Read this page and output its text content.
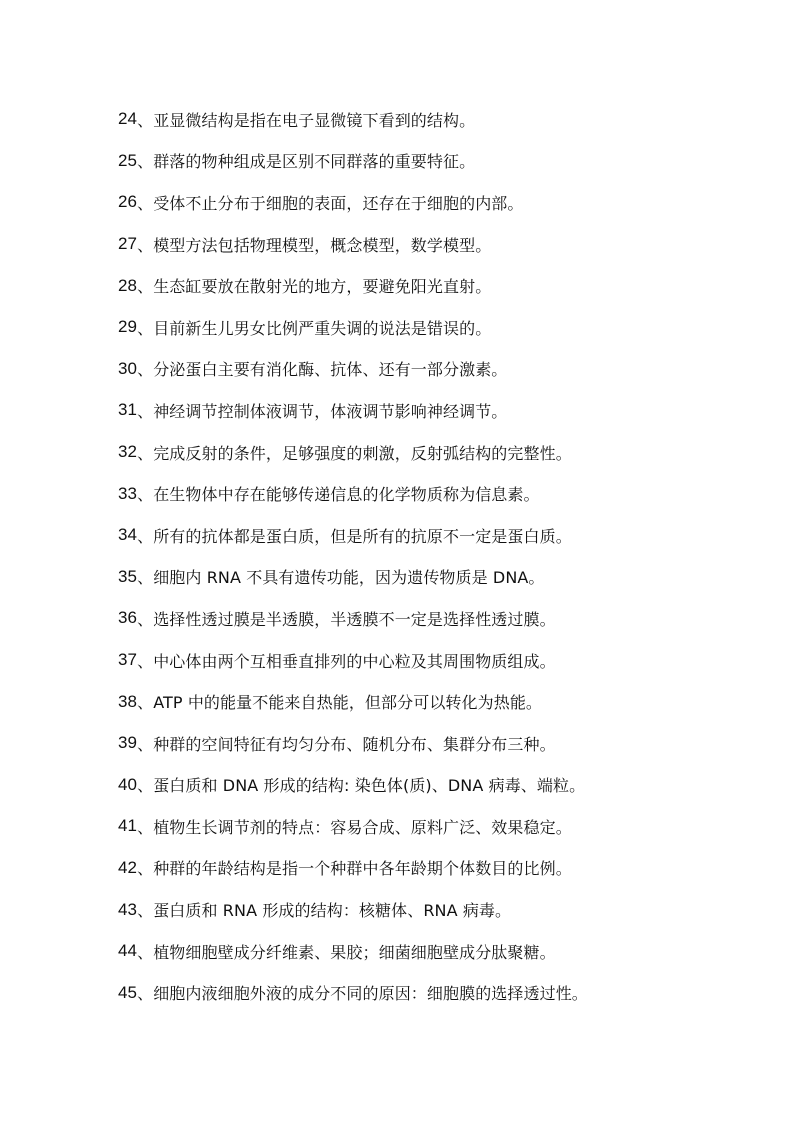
24 、亚显微结构是指在电子显微镜下看到的结构。
25 、群落的物种组成是区别不同群落的重要特征。
26 、受体不止分布于细胞的表面，还存在于细胞的内部。
27 、模型方法包括物理模型，概念模型，数学模型。
28 、生态缸要放在散射光的地方，要避免阳光直射。
29 、目前新生儿男女比例严重失调的说法是错误的。
30 、分泌蛋白主要有消化酶、抗体、还有一部分激素。
31 、神经调节控制体液调节，体液调节影响神经调节。
32 、完成反射的条件，足够强度的刺激，反射弧结构的完整性。
33 、在生物体中存在能够传递信息的化学物质称为信息素。
34 、所有的抗体都是蛋白质，但是所有的抗原不一定是蛋白质。
35 、细胞内 RNA 不具有遗传功能，因为遗传物质是 DNA。
36 、选择性透过膜是半透膜，半透膜不一定是选择性透过膜。
37 、中心体由两个互相垂直排列的中心粒及其周围物质组成。
38 、ATP 中的能量不能来自热能，但部分可以转化为热能。
39 、种群的空间特征有均匀分布、随机分布、集群分布三种。
40 、蛋白质和 DNA 形成的结构: 染色体(质)、DNA 病毒、端粒。
41 、植物生长调节剂的特点：容易合成、原料广泛、效果稳定。
42 、种群的年龄结构是指一个种群中各年龄期个体数目的比例。
43 、蛋白质和 RNA 形成的结构：核糖体、RNA 病毒。
44 、植物细胞壁成分纤维素、果胶；细菌细胞壁成分肽聚糖。
45 、细胞内液细胞外液的成分不同的原因：细胞膜的选择透过性。
